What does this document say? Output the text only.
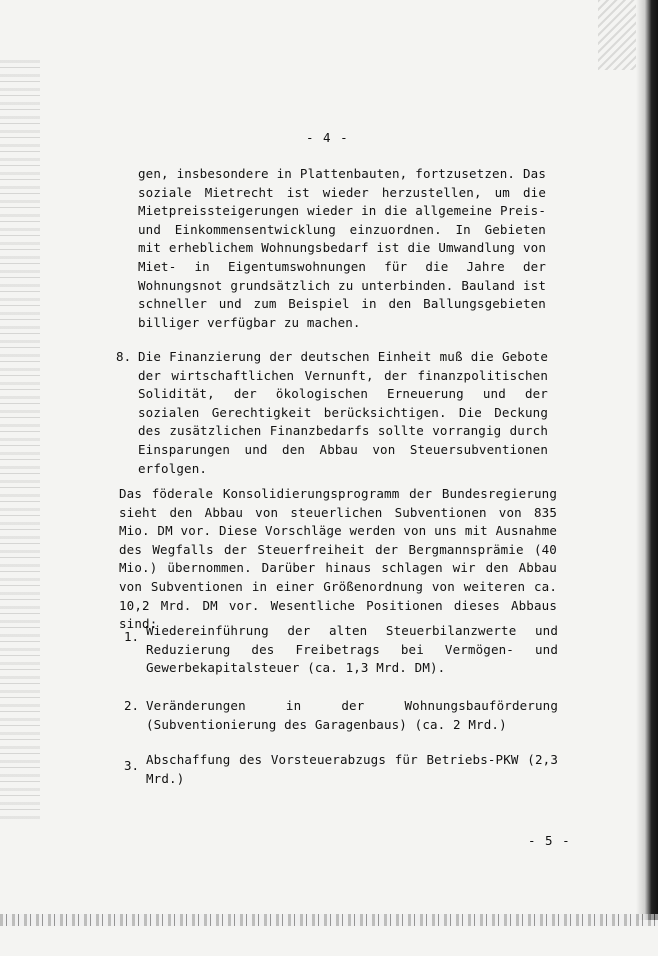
- 4 -

gen, insbesondere in Plattenbauten, fortzusetzen. Das soziale Mietrecht ist wieder herzustellen, um die Mietpreissteigerungen wieder in die allgemeine Preis- und Einkommensentwicklung einzuordnen. In Gebieten mit erheblichem Wohnungsbedarf ist die Umwandlung von Miet- in Eigentumswohnungen für die Jahre der Wohnungsnot grundsätzlich zu unterbinden. Bauland ist schneller und zum Beispiel in den Ballungsgebieten billiger verfügbar zu machen.

8. Die Finanzierung der deutschen Einheit muß die Gebote der wirtschaftlichen Vernunft, der finanzpolitischen Solidität, der ökologischen Erneuerung und der sozialen Gerechtigkeit berücksichtigen. Die Deckung des zusätzlichen Finanzbedarfs sollte vorrangig durch Einsparungen und den Abbau von Steuersubventionen erfolgen.

Das föderale Konsolidierungsprogramm der Bundesregierung sieht den Abbau von steuerlichen Subventionen von 835 Mio. DM vor. Diese Vorschläge werden von uns mit Ausnahme des Wegfalls der Steuerfreiheit der Bergmannsprämie (40 Mio.) übernommen. Darüber hinaus schlagen wir den Abbau von Subventionen in einer Größenordnung von weiteren ca. 10,2 Mrd. DM vor. Wesentliche Positionen dieses Abbaus sind:

1. Wiedereinführung der alten Steuerbilanzwerte und Reduzierung des Freibetrags bei Vermögen- und Gewerbekapitalsteuer (ca. 1,3 Mrd. DM).

2. Veränderungen in der Wohnungsbauförderung (Subventionierung des Garagenbaus) (ca. 2 Mrd.)

3. Abschaffung des Vorsteuerabzugs für Betriebs-PKW (2,3 Mrd.)

- 5 -
